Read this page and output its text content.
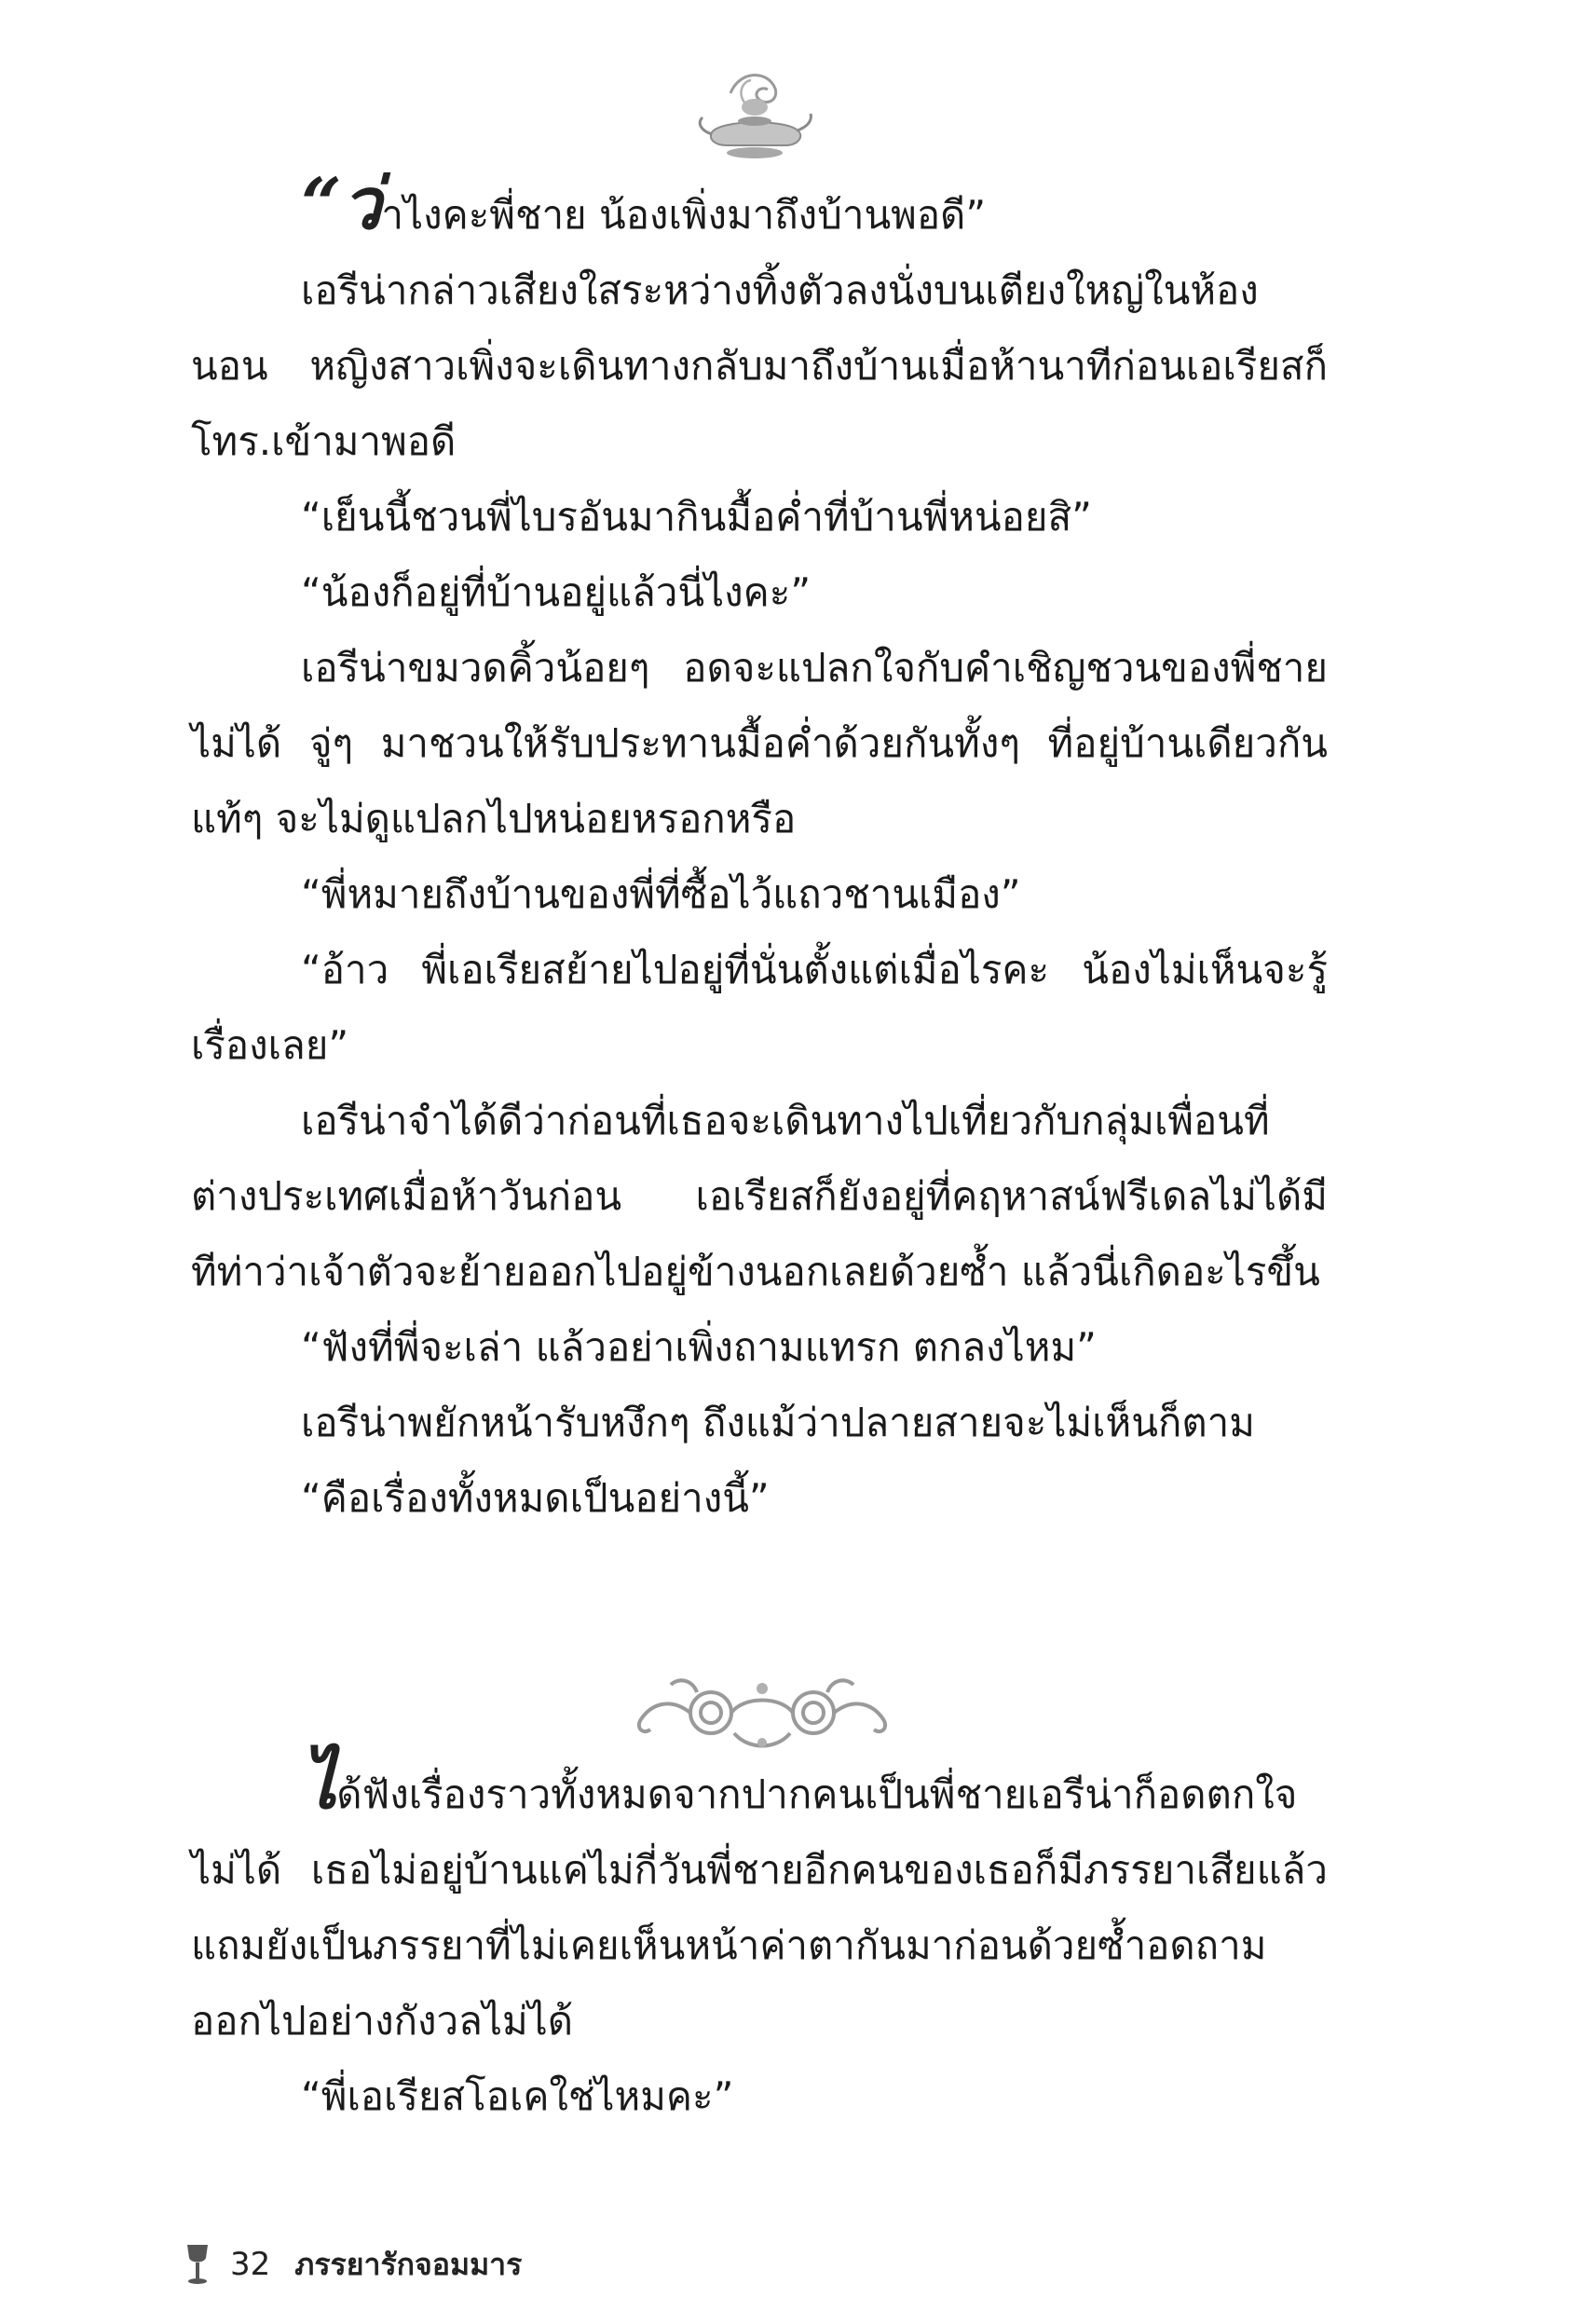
“ว่าไงคะพี่ชาย น้องเพิ่งมาถึงบ้านพอดี”

เอรีน่ากล่าวเสียงใสระหว่างทิ้งตัวลงนั่งบนเตียงใหญ่ในห้องนอน หญิงสาวเพิ่งจะเดินทางกลับมาถึงบ้านเมื่อห้านาทีก่อนเอเรียสก็โทร.เข้ามาพอดี

“เย็นนี้ชวนพี่ไบรอันมากินมื้อค่ำที่บ้านพี่หน่อยสิ”

“น้องก็อยู่ที่บ้านอยู่แล้วนี่ไงคะ”

เอรีน่าขมวดคิ้วน้อยๆ อดจะแปลกใจกับคำเชิญชวนของพี่ชายไม่ได้ จู่ๆ มาชวนให้รับประทานมื้อค่ำด้วยกันทั้งๆ ที่อยู่บ้านเดียวกันแท้ๆ จะไม่ดูแปลกไปหน่อยหรอกหรือ

“พี่หมายถึงบ้านของพี่ที่ซื้อไว้แถวชานเมือง”

“อ้าว พี่เอเรียสย้ายไปอยู่ที่นั่นตั้งแต่เมื่อไรคะ น้องไม่เห็นจะรู้เรื่องเลย”

เอรีน่าจำได้ดีว่าก่อนที่เธอจะเดินทางไปเที่ยวกับกลุ่มเพื่อนที่ต่างประเทศเมื่อห้าวันก่อน เอเรียสก็ยังอยู่ที่คฤหาสน์ฟรีเดลไม่ได้มีทีท่าว่าเจ้าตัวจะย้ายออกไปอยู่ข้างนอกเลยด้วยซ้ำ แล้วนี่เกิดอะไรขึ้น

“ฟังที่พี่จะเล่า แล้วอย่าเพิ่งถามแทรก ตกลงไหม”

เอรีน่าพยักหน้ารับหงึกๆ ถึงแม้ว่าปลายสายจะไม่เห็นก็ตาม

“คือเรื่องทั้งหมดเป็นอย่างนี้”

ได้ฟังเรื่องราวทั้งหมดจากปากคนเป็นพี่ชายเอรีน่าก็อดตกใจไม่ได้ เธอไม่อยู่บ้านแค่ไม่กี่วันพี่ชายอีกคนของเธอก็มีภรรยาเสียแล้ว แถมยังเป็นภรรยาที่ไม่เคยเห็นหน้าค่าตากันมาก่อนด้วยซ้ำอดถามออกไปอย่างกังวลไม่ได้

“พี่เอเรียสโอเคใช่ไหมคะ”

32 ภรรยารักจอมมาร
